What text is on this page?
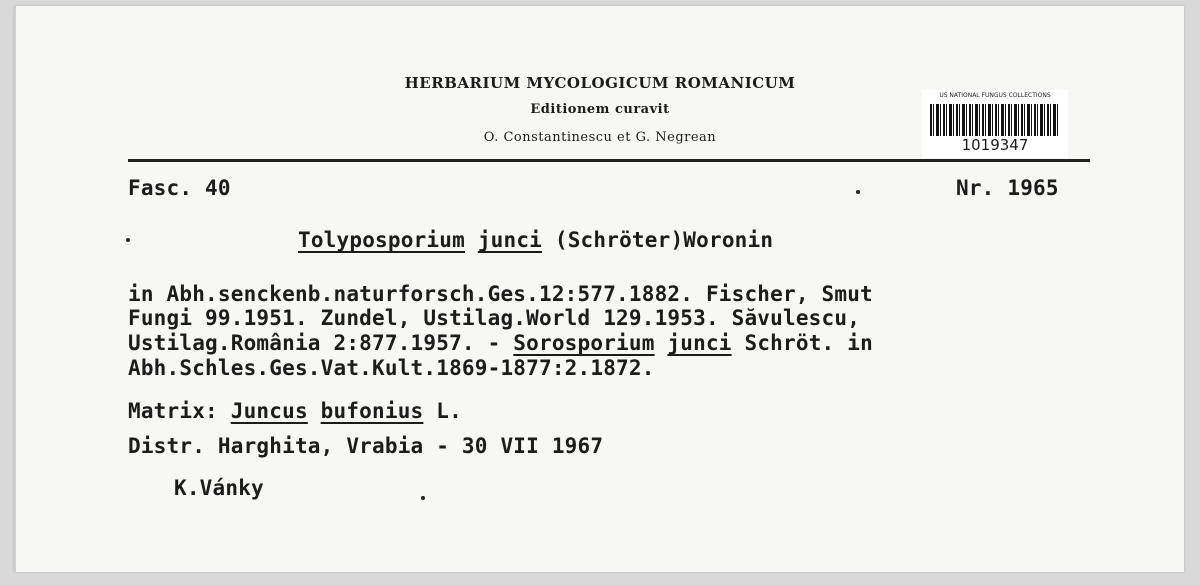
HERBARIUM MYCOLOGICUM ROMANICUM
Editionem curavit
O. Constantinescu et G. Negrean
US NATIONAL FUNGUS COLLECTIONS
1019347
Fasc. 40	Nr. 1965
Tolyposporium junci (Schröter)Woronin
in Abh.senckenb.naturforsch.Ges.12:577.1882. Fischer, Smut
Fungi 99.1951. Zundel, Ustilag.World 129.1953. Săvulescu,
Ustilag.România 2:877.1957. - Sorosporium junci Schröt. in
Abh.Schles.Ges.Vat.Kult.1869-1877:2.1872.
Matrix: Juncus bufonius L.
Distr. Harghita, Vrabia - 30 VII 1967
K.Vánky
